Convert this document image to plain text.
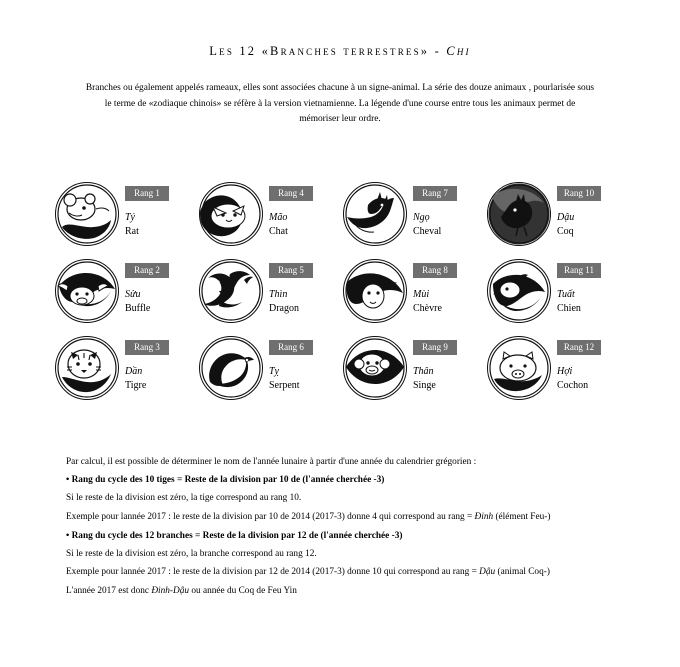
Les 12 «Branches terrestres» - Chi
Branches ou également appelés rameaux, elles sont associées chacune à un signe-animal. La série des douze animaux , pourlarisée sous le terme de «zodiaque chinois» se réfère à la version vietnamienne. La légende d'une course entre tous les animaux permet de mémoriser leur ordre.
Rang 1
Tý
Rat
Rang 4
Mão
Chat
Rang 7
Ngọ
Cheval
Rang 10
Dậu
Coq
Rang 2
Sửu
Buffle
Rang 5
Thìn
Dragon
Rang 8
Mùi
Chèvre
Rang 11
Tuất
Chien
Rang 3
Dần
Tigre
Rang 6
Tỵ
Serpent
Rang 9
Thân
Singe
Rang 12
Hợi
Cochon

Par calcul, il est possible de déterminer le nom de l'année lunaire à partir d'une année du calendrier grégorien :

• Rang du cycle des 10 tiges = Reste de la division par 10 de (l'année cherchée -3)

Si le reste de la division est zéro, la tige correspond au rang 10.

Exemple pour lannée 2017 : le reste de la division par 10 de 2014 (2017-3) donne 4 qui correspond au rang = Ðinh (élément Feu-)

• Rang du cycle des 12 branches = Reste de la division par 12 de (l'année cherchée -3)

Si le reste de la division est zéro, la branche correspond au rang 12.

Exemple pour lannée 2017 : le reste de la division par 12 de 2014 (2017-3) donne 10 qui correspond au rang = Dậu (animal Coq-)

L'année 2017 est donc Ðinh-Dậu ou année du Coq de Feu Yin
